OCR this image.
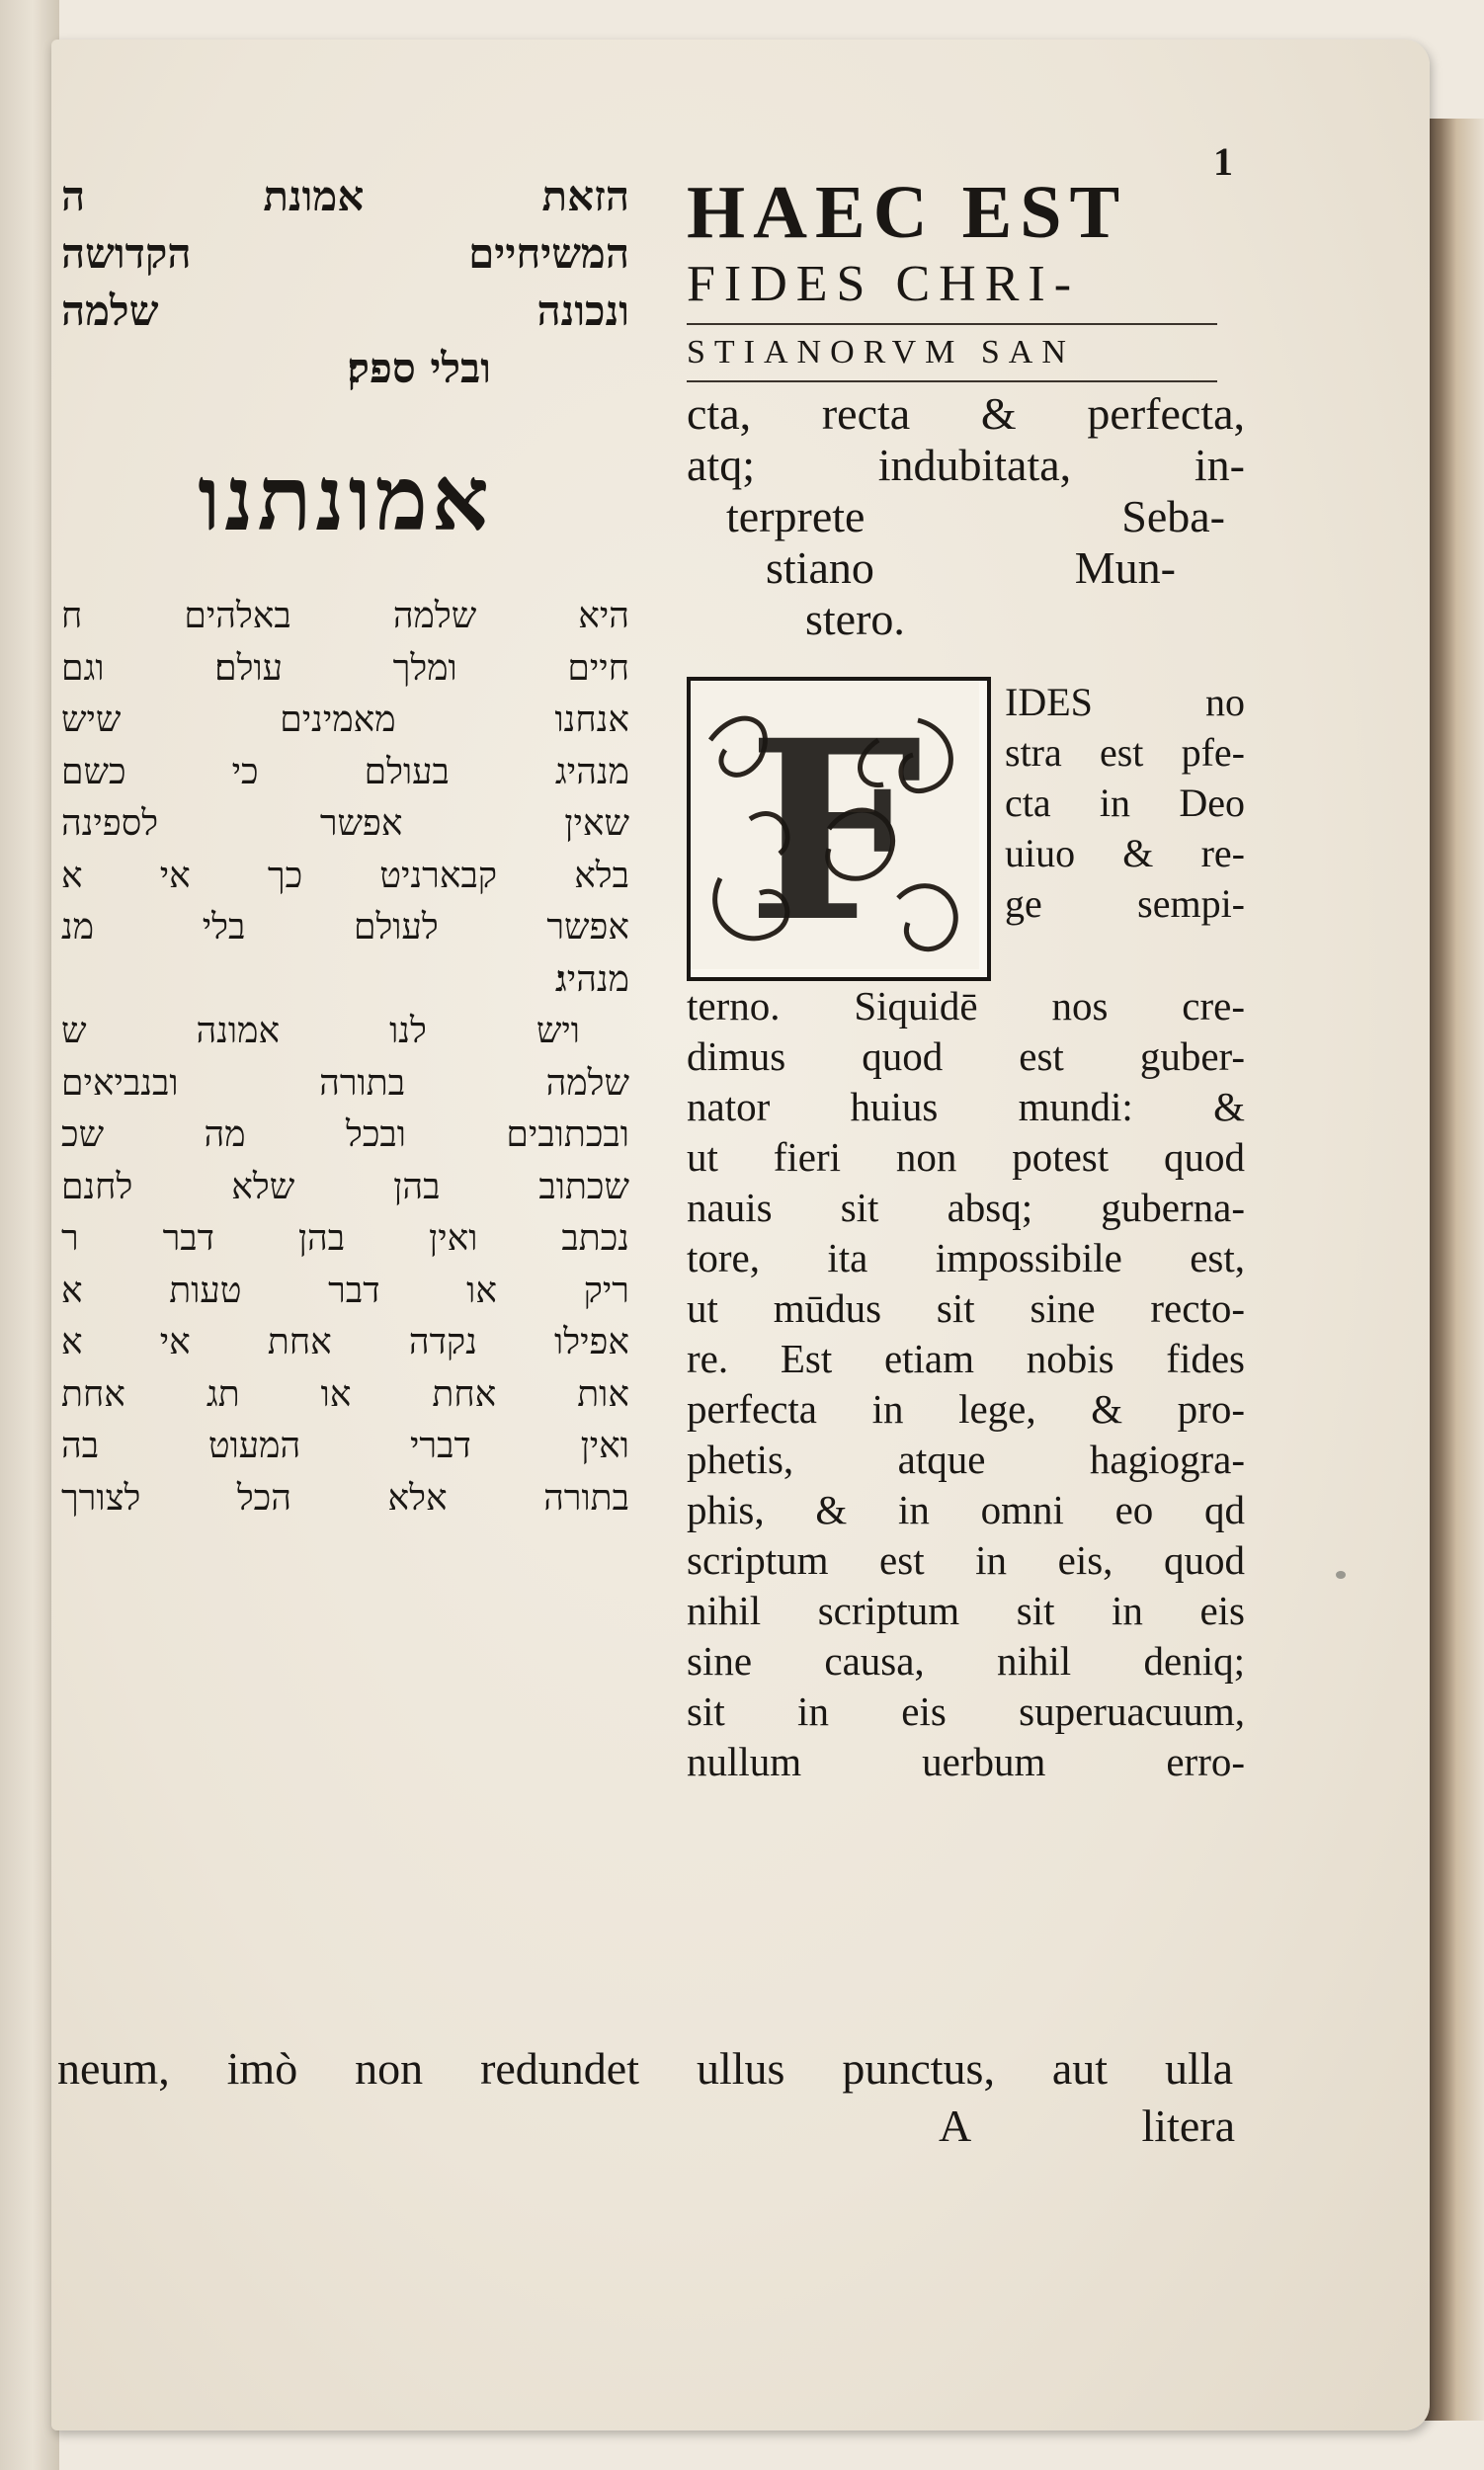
1
הזאת אמונת ה
המשיחיים הקדושה
ונכונה שלמה
ובלי ספק׃
אמונתנו
היא שלמה באלהים ח
חיים ומלך עולם׃ וגם
אנחנו מאמינים שיש
מנהיג בעולם כי כשם
שאין אפשר לספינה
בלא קבארניט כך אי א
אפשר לעולם בלי מנ
מנהיג׃
ויש לנו אמונה ש
שלמה בתורה ובנביאים
ובכתובים ובכל מה שכ
שכתוב בהן שלא לחנם
נכתב ואין בהן דבר ר
ריק או דבר טעות א
אפילו נקדה אחת אי א
אות אחת או תג אחת
ואין דברי המעוט בה
בתורה אלא הכל לצורך
HAEC EST
FIDES CHRI-
STIANORVM SAN
cta, recta & perfecta,
atq; indubitata, in-
terprete Seba-
stiano Mun-
stero.
F IDES no
stra est pfe-
cta in Deo
uiuo & re-
ge sempi-
terno. Siquidē nos cre-
dimus quod est guber-
nator huius mundi: &
ut fieri non potest quod
nauis sit absq; guberna-
tore, ita impossibile est,
ut mūdus sit sine recto-
re. Est etiam nobis fides
perfecta in lege, & pro-
phetis, atque hagiogra-
phis, & in omni eo qd
scriptum est in eis, quod
nihil scriptum sit in eis
sine causa, nihil deniq;
sit in eis superuacuum,
nullum uerbum erro-
neum, imò non redundet ullus punctus, aut ulla
A	litera
